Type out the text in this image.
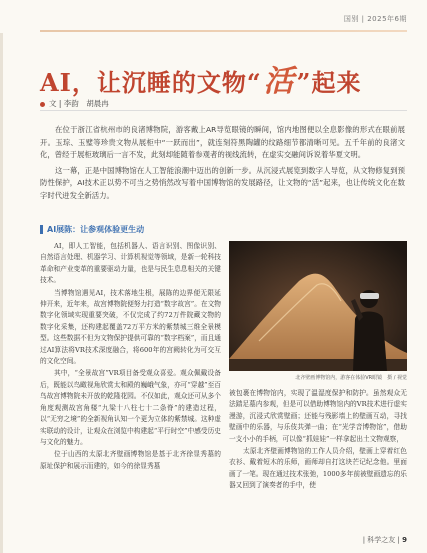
国别 | 2025年6期
AI，让沉睡的文物“活”起来
文 | 李韵　胡晨冉

在位于浙江省杭州市的良渚博物院，游客戴上AR导览眼镜的瞬间，馆内地图便以全息影像的形式在眼前展开。玉琮、玉璧等珍贵文物从展柜中“一跃而出”，就连刻符黑陶罐的纹路细节都清晰可见。五千年前的良渚文化，曾经于展柜玻璃后一言不发，此刻却能随着参观者的视线流转，在虚实交融间诉说着华夏文明。

这一幕，正是中国博物馆在人工智能浪潮中迈出的创新一步。从沉浸式展览到数字人导览，从文物修复到预防性保护，AI技术正以势不可当之势悄然改写着中国博物馆的发展路径，让文物的“活”起来，也让传统文化在数字时代迸发全新活力。

AI展陈：让参观体验更生动

AI，即人工智能，包括机器人、语言识别、图像识别、自然语言处理、机器学习、计算机视觉等领域，是新一轮科技革命和产业变革的重要驱动力量，也是与民生息息相关的关键技术。

当博物馆遇见AI，技术落地生根，展陈的边界便无限延伸开来，近年来，故宫博物院便努力打造“数字故宫”。在文物数字化领域实现重要突破，不仅完成了约72万件院藏文物的数字化采集，还构建起覆盖72万平方米的紫禁城三维全景模型。这些数据不但为文物保护提供可靠的“数字档案”，而且通过AI算法将VR技术深度融合，将600年的宫阙转化为可交互的文化空间。

其中，“全景故宫”VR项目备受观众喜爱。观众佩戴设备后，既能以鸟瞰视角欣赏太和殿的巍峨气象，亦可“穿越”至百鸟故宫博物院未开放的乾隆花园。不仅如此，观众还可从多个角度观测故宫角楼“九梁十八柱七十二条脊”的建造过程，以“无穷之境”的全新视角认知一个更为立体的紫禁城。这种虚实联动的设计，让观众在浏览中构建起“平行时空”中感受历史与文化的魅力。

位于山西的太原北齐壁画博物馆是基于北齐徐显秀墓的原址保护和展示而建的，如今的徐显秀墓

北齐壁画博物馆内，游客在体验VR眼镜　摄 / 视觉

被包裹在博物馆内，实现了温湿度保护和防护。虽然观众无法踏足墓内参观，但是可以借助博物馆内的VR技术进行虚实漫游，沉浸式欣赏壁画；还能与残影墙上的壁画互动，寻找壁画中的乐器，与乐伎共弹一曲；在“光学音博物馆”，借助一支小小的手柄，可以像“抓娃娃”一样拿起出土文物观察，

太原北齐壁画博物馆的工作人员介绍，壁画上穿着红色衣衫、戴着短木的乐师，画师却自打这块芒记纪念他。里面画了一笔。现在通过技术张弛，1000多年前被壁画遗忘的乐器又回到了演奏者的手中，使

| 科学之友 | 9
